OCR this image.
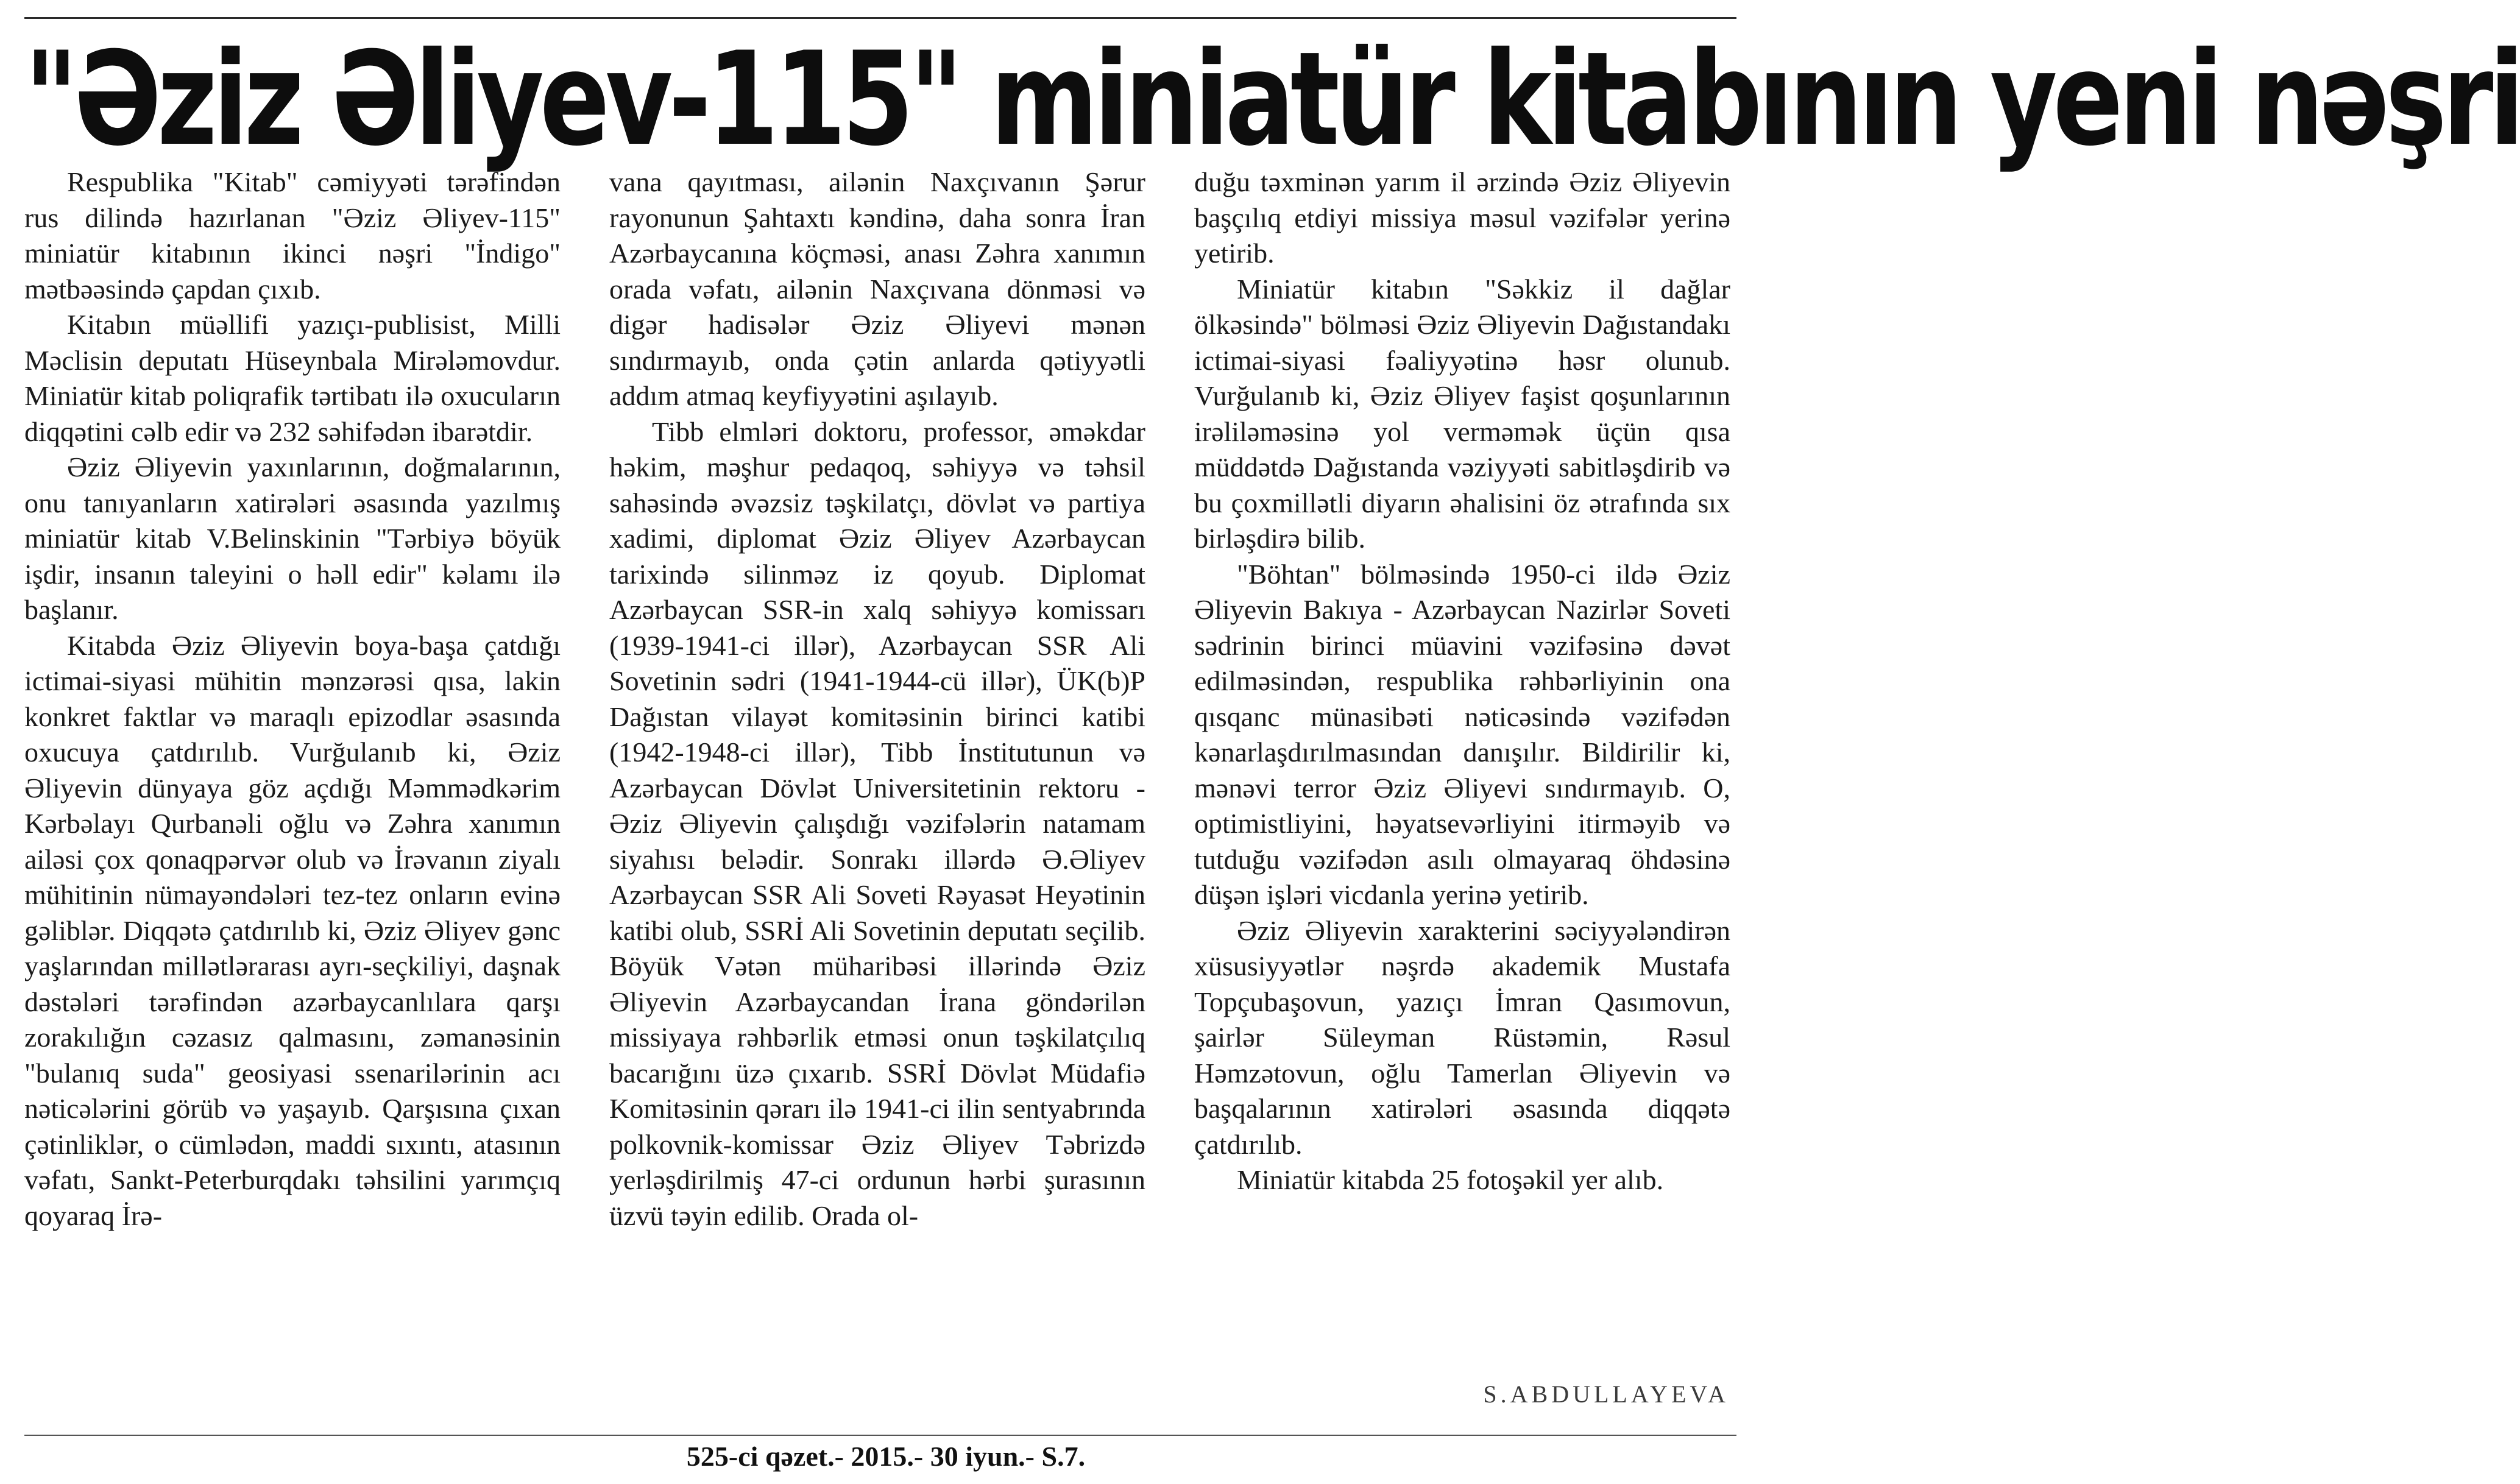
"Əziz Əliyev-115" miniatür kitabının yeni nəşri

Respublika "Kitab" cəmiyyəti tərəfindən rus dilində hazırlanan "Əziz Əliyev-115" miniatür kitabının ikinci nəşri "İndigo" mətbəəsində çapdan çıxıb.

Kitabın müəllifi yazıçı-publisist, Milli Məclisin deputatı Hüseynbala Mirələmovdur. Miniatür kitab poliqrafik tərtibatı ilə oxucuların diqqətini cəlb edir və 232 səhifədən ibarətdir.

Əziz Əliyevin yaxınlarının, doğmalarının, onu tanıyanların xatirələri əsasında yazılmış miniatür kitab V.Belinskinin "Tərbiyə böyük işdir, insanın taleyini o həll edir" kəlamı ilə başlanır.

Kitabda Əziz Əliyevin boya-başa çatdığı ictimai-siyasi mühitin mənzərəsi qısa, lakin konkret faktlar və maraqlı epizodlar əsasında oxucuya çatdırılıb. Vurğulanıb ki, Əziz Əliyevin dünyaya göz açdığı Məmmədkərim Kərbəlayı Qurbanəli oğlu və Zəhra xanımın ailəsi çox qonaqpərvər olub və İrəvanın ziyalı mühitinin nümayəndələri tez-tez onların evinə gəliblər. Diqqətə çatdırılıb ki, Əziz Əliyev gənc yaşlarından millətlərarası ayrı-seçkiliyi, daşnak dəstələri tərəfindən azərbaycanlılara qarşı zorakılığın cəzasız qalmasını, zəmanəsinin "bulanıq suda" geosiyasi ssenarilərinin acı nəticələrini görüb və yaşayıb. Qarşısına çıxan çətinliklər, o cümlədən, maddi sıxıntı, atasının vəfatı, Sankt-Peterburqdakı təhsilini yarımçıq qoyaraq İrə-

vana qayıtması, ailənin Naxçıvanın Şərur rayonunun Şahtaxtı kəndinə, daha sonra İran Azərbaycanına köçməsi, anası Zəhra xanımın orada vəfatı, ailənin Naxçıvana dönməsi və digər hadisələr Əziz Əliyevi mənən sındırmayıb, onda çətin anlarda qətiyyətli addım atmaq keyfiyyətini aşılayıb.

Tibb elmləri doktoru, professor, əməkdar həkim, məşhur pedaqoq, səhiyyə və təhsil sahəsində əvəzsiz təşkilatçı, dövlət və partiya xadimi, diplomat Əziz Əliyev Azərbaycan tarixində silinməz iz qoyub. Diplomat Azərbaycan SSR-in xalq səhiyyə komissarı (1939-1941-ci illər), Azərbaycan SSR Ali Sovetinin sədri (1941-1944-cü illər), ÜK(b)P Dağıstan vilayət komitəsinin birinci katibi (1942-1948-ci illər), Tibb İnstitutunun və Azərbaycan Dövlət Universitetinin rektoru - Əziz Əliyevin çalışdığı vəzifələrin natamam siyahısı belədir. Sonrakı illərdə Ə.Əliyev Azərbaycan SSR Ali Soveti Rəyasət Heyətinin katibi olub, SSRİ Ali Sovetinin deputatı seçilib. Böyük Vətən müharibəsi illərində Əziz Əliyevin Azərbaycandan İrana göndərilən missiyaya rəhbərlik etməsi onun təşkilatçılıq bacarığını üzə çıxarıb. SSRİ Dövlət Müdafiə Komitəsinin qərarı ilə 1941-ci ilin sentyabrında polkovnik-komissar Əziz Əliyev Təbrizdə yerləşdirilmiş 47-ci ordunun hərbi şurasının üzvü təyin edilib. Orada ol-

duğu təxminən yarım il ərzində Əziz Əliyevin başçılıq etdiyi missiya məsul vəzifələr yerinə yetirib.

Miniatür kitabın "Səkkiz il dağlar ölkəsində" bölməsi Əziz Əliyevin Dağıstandakı ictimai-siyasi fəaliyyətinə həsr olunub. Vurğulanıb ki, Əziz Əliyev faşist qoşunlarının irəliləməsinə yol verməmək üçün qısa müddətdə Dağıstanda vəziyyəti sabitləşdirib və bu çoxmillətli diyarın əhalisini öz ətrafında sıx birləşdirə bilib.

"Böhtan" bölməsində 1950-ci ildə Əziz Əliyevin Bakıya - Azərbaycan Nazirlər Soveti sədrinin birinci müavini vəzifəsinə dəvət edilməsindən, respublika rəhbərliyinin ona qısqanc münasibəti nəticəsində vəzifədən kənarlaşdırılmasından danışılır. Bildirilir ki, mənəvi terror Əziz Əliyevi sındırmayıb. O, optimistliyini, həyatsevərliyini itirməyib və tutduğu vəzifədən asılı olmayaraq öhdəsinə düşən işləri vicdanla yerinə yetirib.

Əziz Əliyevin xarakterini səciyyələndirən xüsusiyyətlər nəşrdə akademik Mustafa Topçubaşovun, yazıçı İmran Qasımovun, şairlər Süleyman Rüstəmin, Rəsul Həmzətovun, oğlu Tamerlan Əliyevin və başqalarının xatirələri əsasında diqqətə çatdırılıb.

Miniatür kitabda 25 fotoşəkil yer alıb.

S.ABDULLAYEVA
525-ci qəzet.- 2015.- 30 iyun.- S.7.
